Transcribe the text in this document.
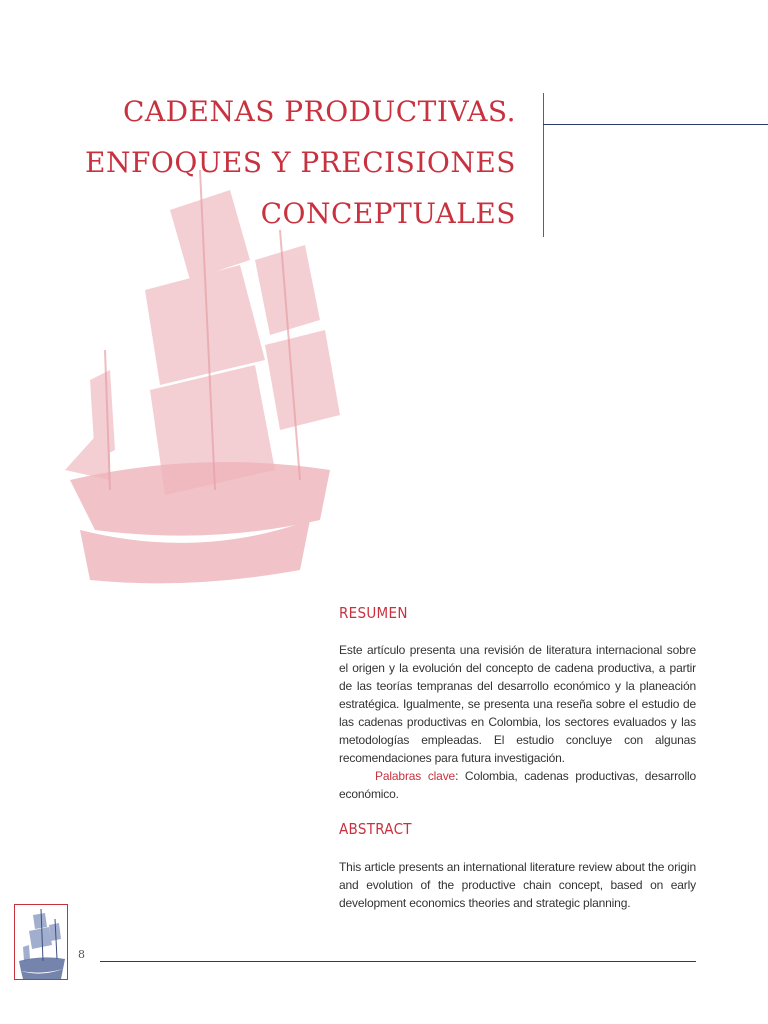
CADENAS PRODUCTIVAS.
ENFOQUES Y PRECISIONES
CONCEPTUALES
RESUMEN
Este artículo presenta una revisión de literatura internacional sobre el origen y la evolución del concepto de cadena productiva, a partir de las teorías tempranas del desarrollo económico y la planeación estratégica. Igualmente, se presenta una reseña sobre el estudio de las cadenas productivas en Colombia, los sectores evaluados y las metodologías empleadas. El estudio concluye con algunas recomendaciones para futura investigación.
Palabras clave: Colombia, cadenas productivas, desarrollo económico.
ABSTRACT
This article presents an international literature review about the origin and evolution of the productive chain concept, based on early development economics theories and strategic planning.
8
